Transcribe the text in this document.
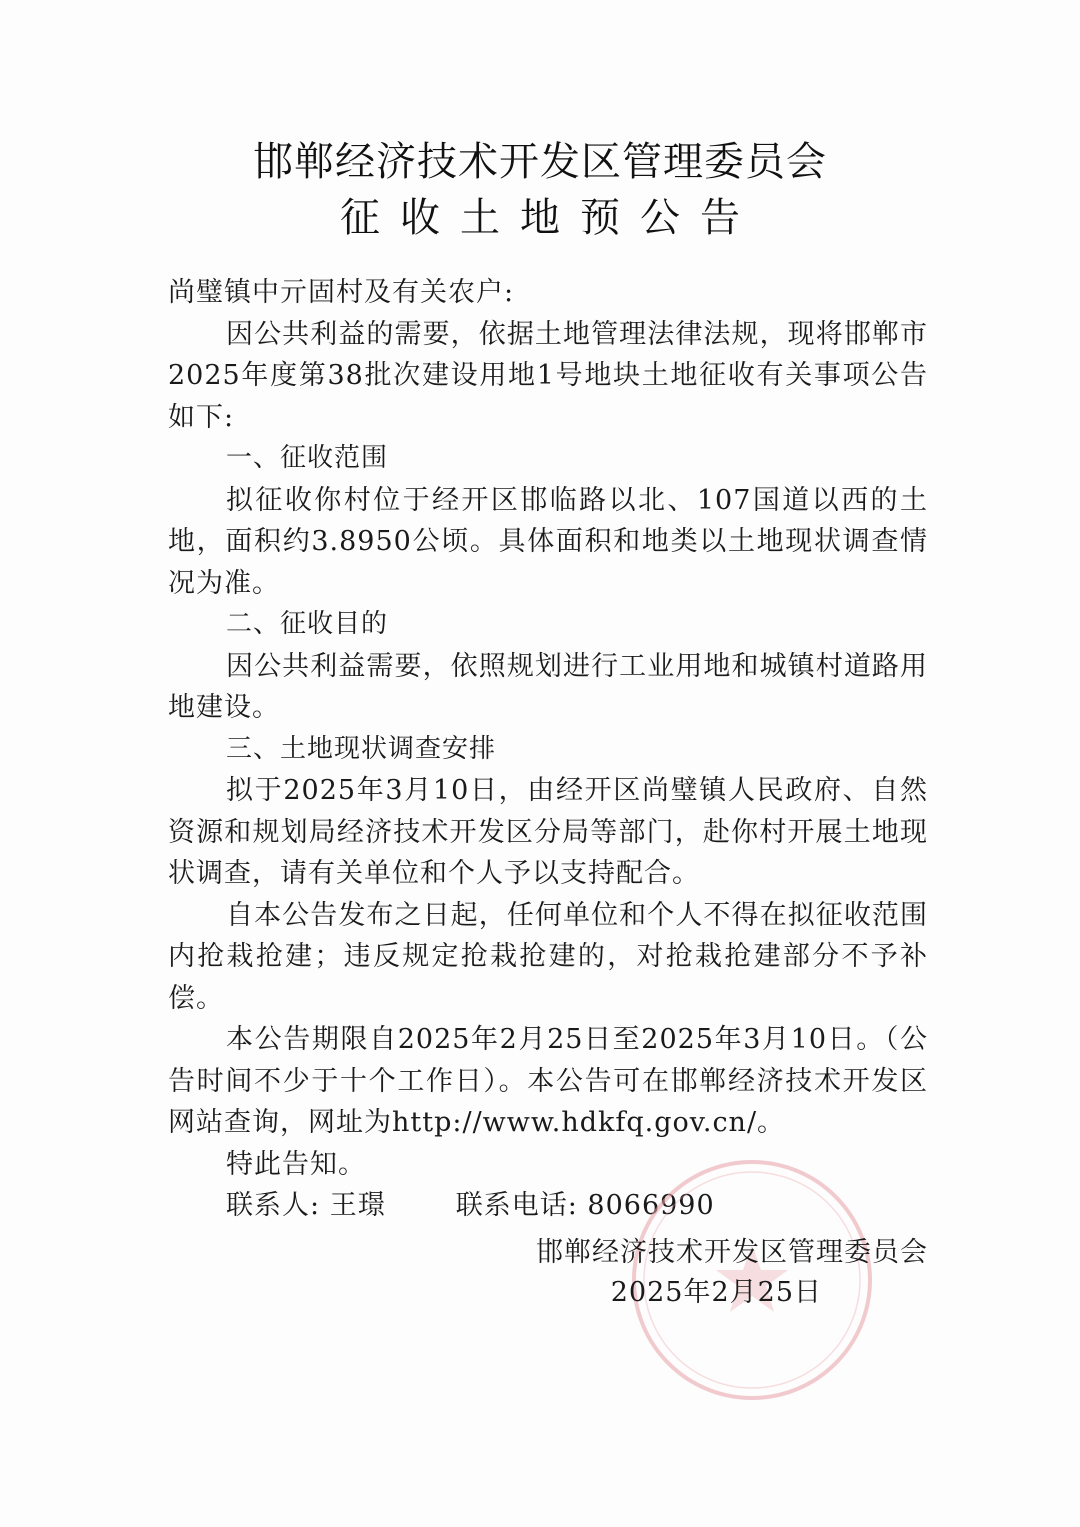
邯郸经济技术开发区管理委员会
征收土地预公告

尚璧镇中亓固村及有关农户:

因公共利益的需要，依据土地管理法律法规，现将邯郸市2025年度第38批次建设用地1号地块土地征收有关事项公告如下:

一、征收范围

拟征收你村位于经开区邯临路以北、107国道以西的土地，面积约3.8950公顷。具体面积和地类以土地现状调查情况为准。

二、征收目的

因公共利益需要，依照规划进行工业用地和城镇村道路用地建设。

三、土地现状调查安排

拟于2025年3月10日，由经开区尚璧镇人民政府、自然资源和规划局经济技术开发区分局等部门，赴你村开展土地现状调查，请有关单位和个人予以支持配合。

自本公告发布之日起，任何单位和个人不得在拟征收范围内抢栽抢建；违反规定抢栽抢建的，对抢栽抢建部分不予补偿。

本公告期限自2025年2月25日至2025年3月10日。（公告时间不少于十个工作日）。本公告可在邯郸经济技术开发区网站查询，网址为http://www.hdkfq.gov.cn/。

特此告知。

联系人: 王璟	联系电话: 8066990

邯郸经济技术开发区管理委员会
2025年2月25日
